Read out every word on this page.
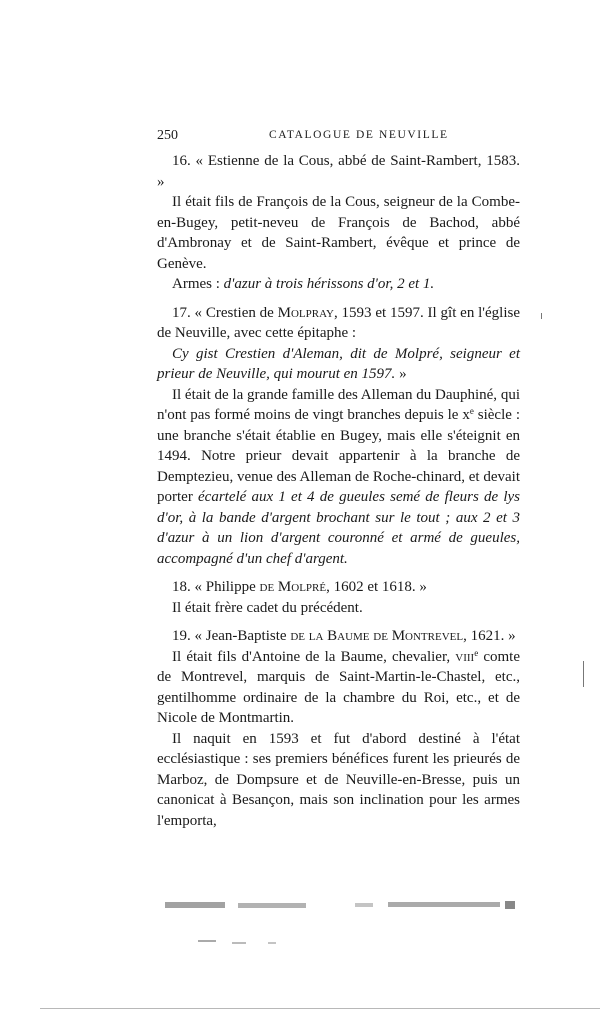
250	CATALOGUE DE NEUVILLE

16. « Estienne de la Cous, abbé de Saint-Rambert, 1583. »

Il était fils de François de la Cous, seigneur de la Combe-en-Bugey, petit-neveu de François de Bachod, abbé d'Ambronay et de Saint-Rambert, évêque et prince de Genève.

Armes : d'azur à trois hérissons d'or, 2 et 1.

17. « Crestien de Molpray, 1593 et 1597. Il gît en l'église de Neuville, avec cette épitaphe :

Cy gist Crestien d'Aleman, dit de Molpré, seigneur et prieur de Neuville, qui mourut en 1597. »

Il était de la grande famille des Alleman du Dauphiné, qui n'ont pas formé moins de vingt branches depuis le $x^e$ siècle : une branche s'était établie en Bugey, mais elle s'éteignit en 1494. Notre prieur devait appartenir à la branche de Demptezieu, venue des Alleman de Roche-chinard, et devait porter écartelé aux 1 et 4 de gueules semé de fleurs de lys d'or, à la bande d'argent brochant sur le tout ; aux 2 et 3 d'azur à un lion d'argent couronné et armé de gueules, accompagné d'un chef d'argent.

18. « Philippe de Molpré, 1602 et 1618. »

Il était frère cadet du précédent.

19. « Jean-Baptiste de la Baume de Montrevel, 1621. »

Il était fils d'Antoine de la Baume, chevalier, viii$^e$ comte de Montrevel, marquis de Saint-Martin-le-Chastel, etc., gentilhomme ordinaire de la chambre du Roi, etc., et de Nicole de Montmartin.

Il naquit en 1593 et fut d'abord destiné à l'état ecclésiastique : ses premiers bénéfices furent les prieurés de Marboz, de Dompsure et de Neuville-en-Bresse, puis un canonicat à Besançon, mais son inclination pour les armes l'emporta,
